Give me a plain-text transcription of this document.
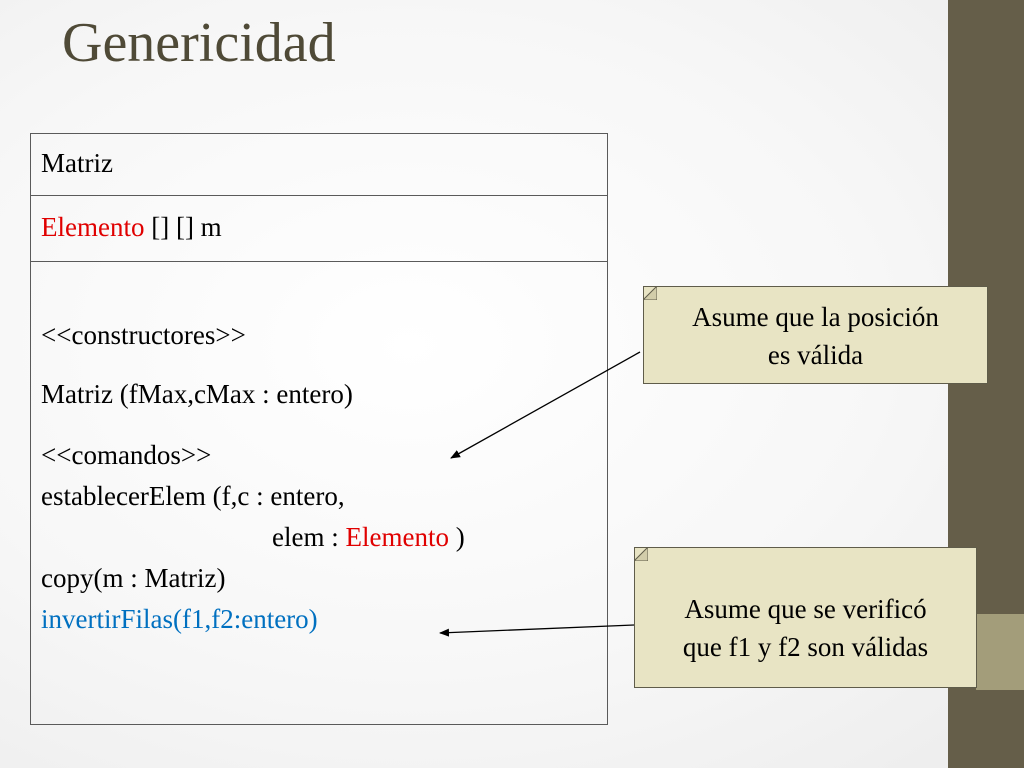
Genericidad
Matriz
Elemento [] [] m
<<constructores>>
Matriz (fMax,cMax : entero)
<<comandos>>
establecerElem (f,c : entero,
elem : Elemento )
copy(m : Matriz)
invertirFilas(f1,f2:entero)
Asume que la posición
es válida
Asume que se verificó
que f1 y f2 son válidas
